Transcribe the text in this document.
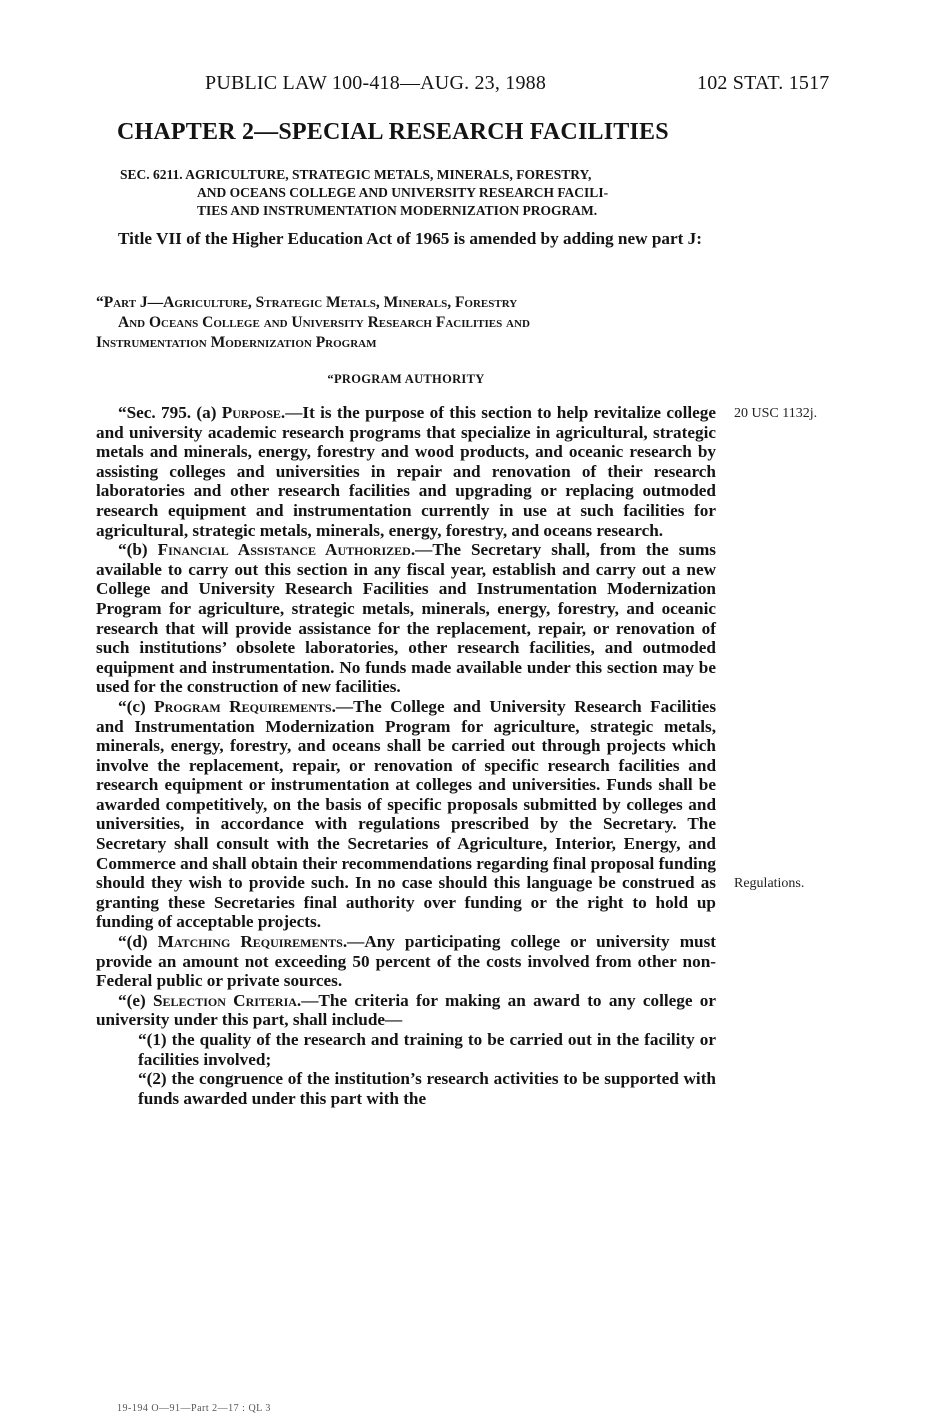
PUBLIC LAW 100-418—AUG. 23, 1988	102 STAT. 1517
CHAPTER 2—SPECIAL RESEARCH FACILITIES
SEC. 6211. AGRICULTURE, STRATEGIC METALS, MINERALS, FORESTRY,
AND OCEANS COLLEGE AND UNIVERSITY RESEARCH FACILI-
TIES AND INSTRUMENTATION MODERNIZATION PROGRAM.
Title VII of the Higher Education Act of 1965 is amended by adding new part J:
“Part J—Agriculture, Strategic Metals, Minerals, Forestry
And Oceans College and University Research Facilities and
Instrumentation Modernization Program
“PROGRAM AUTHORITY

“Sec. 795. (a) Purpose.—It is the purpose of this section to help revitalize college and university academic research programs that specialize in agricultural, strategic metals and minerals, energy, forestry and wood products, and oceanic research by assisting colleges and universities in repair and renovation of their research laboratories and other research facilities and upgrading or replacing outmoded research equipment and instrumentation currently in use at such facilities for agricultural, strategic metals, minerals, energy, forestry, and oceans research.

“(b) Financial Assistance Authorized.—The Secretary shall, from the sums available to carry out this section in any fiscal year, establish and carry out a new College and University Research Facilities and Instrumentation Modernization Program for agriculture, strategic metals, minerals, energy, forestry, and oceanic research that will provide assistance for the replacement, repair, or renovation of such institutions’ obsolete laboratories, other research facilities, and outmoded equipment and instrumentation. No funds made available under this section may be used for the construction of new facilities.

“(c) Program Requirements.—The College and University Research Facilities and Instrumentation Modernization Program for agriculture, strategic metals, minerals, energy, forestry, and oceans shall be carried out through projects which involve the replacement, repair, or renovation of specific research facilities and research equipment or instrumentation at colleges and universities. Funds shall be awarded competitively, on the basis of specific proposals submitted by colleges and universities, in accordance with regulations prescribed by the Secretary. The Secretary shall consult with the Secretaries of Agriculture, Interior, Energy, and Commerce and shall obtain their recommendations regarding final proposal funding should they wish to provide such. In no case should this language be construed as granting these Secretaries final authority over funding or the right to hold up funding of acceptable projects.

“(d) Matching Requirements.—Any participating college or university must provide an amount not exceeding 50 percent of the costs involved from other non-Federal public or private sources.

“(e) Selection Criteria.—The criteria for making an award to any college or university under this part, shall include—

“(1) the quality of the research and training to be carried out in the facility or facilities involved;

“(2) the congruence of the institution’s research activities to be supported with funds awarded under this part with the

20 USC 1132j.
Regulations.
19-194 O—91—Part 2—17 : QL 3
